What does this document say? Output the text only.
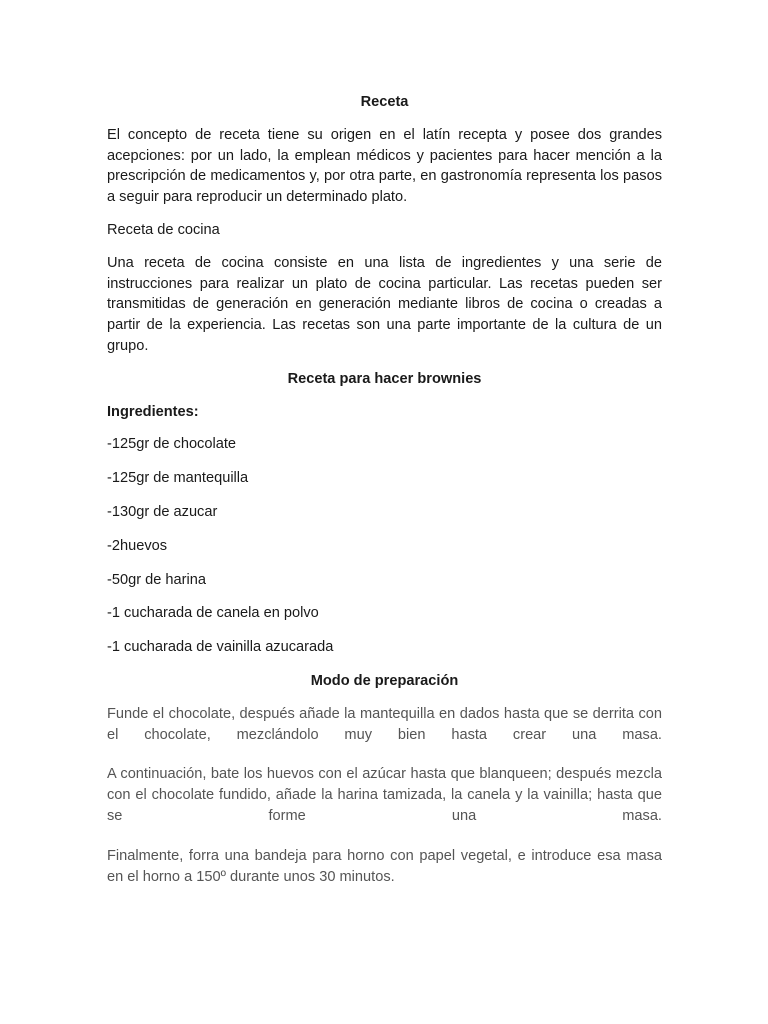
Receta

El concepto de receta tiene su origen en el latín recepta y posee dos grandes acepciones: por un lado, la emplean médicos y pacientes para hacer mención a la prescripción de medicamentos y, por otra parte, en gastronomía representa los pasos a seguir para reproducir un determinado plato.

Receta de cocina

Una receta de cocina consiste en una lista de ingredientes y una serie de instrucciones para realizar un plato de cocina particular. Las recetas pueden ser transmitidas de generación en generación mediante libros de cocina o creadas a partir de la experiencia. Las recetas son una parte importante de la cultura de un grupo.

Receta para hacer brownies

Ingredientes:

-125gr de chocolate

-125gr de mantequilla

-130gr de azucar

-2huevos

-50gr de harina

-1 cucharada de canela en polvo

-1 cucharada de vainilla azucarada

Modo de preparación

Funde el chocolate, después añade la mantequilla en dados hasta que se derrita con el chocolate, mezclándolo muy bien hasta crear una masa.

A continuación, bate los huevos con el azúcar hasta que blanqueen; después mezcla con el chocolate fundido, añade la harina tamizada, la canela y la vainilla; hasta que se forme una masa.

Finalmente, forra una bandeja para horno con papel vegetal, e introduce esa masa en el horno a 150º durante unos 30 minutos.
